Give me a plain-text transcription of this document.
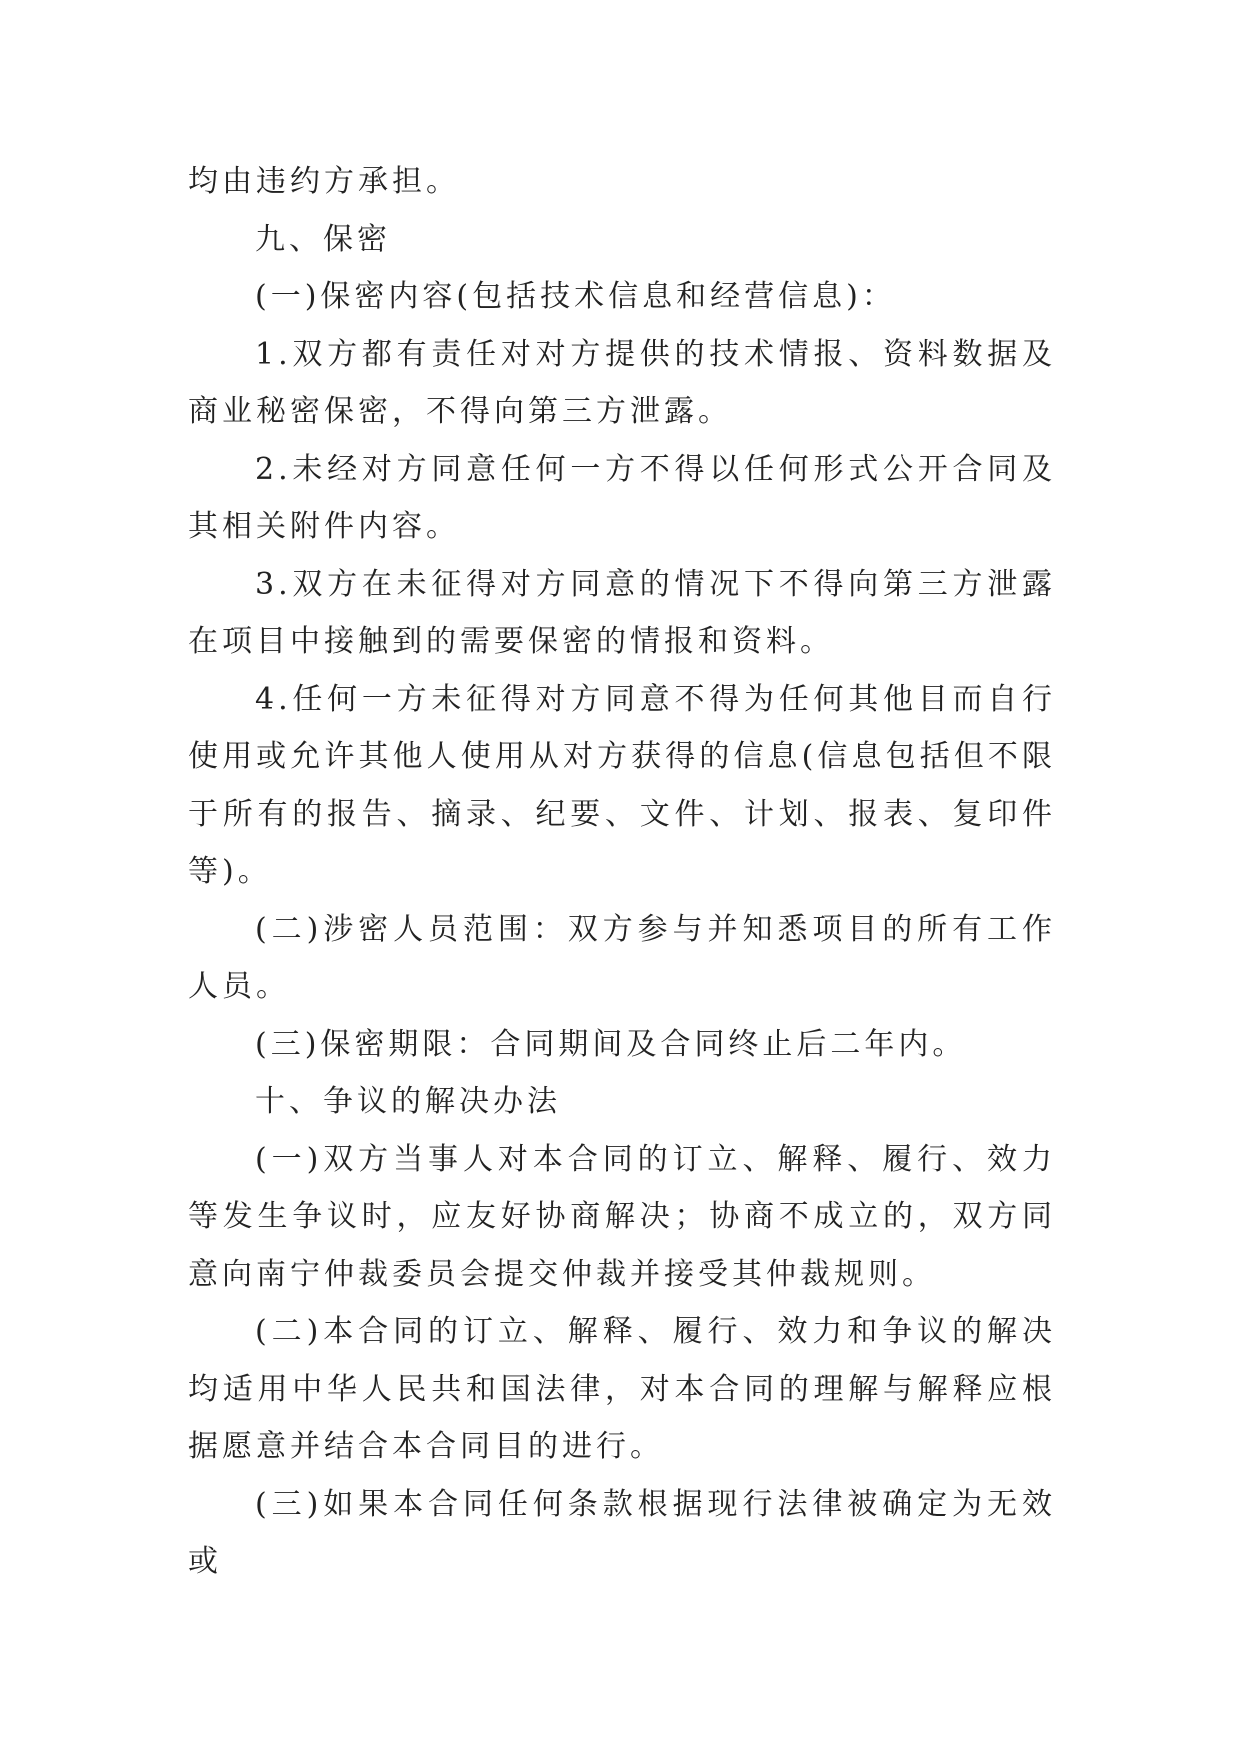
均由违约方承担。

九、保密

(一)保密内容(包括技术信息和经营信息)：

1.双方都有责任对对方提供的技术情报、资料数据及商业秘密保密，不得向第三方泄露。

2.未经对方同意任何一方不得以任何形式公开合同及其相关附件内容。

3.双方在未征得对方同意的情况下不得向第三方泄露在项目中接触到的需要保密的情报和资料。

4.任何一方未征得对方同意不得为任何其他目而自行使用或允许其他人使用从对方获得的信息(信息包括但不限于所有的报告、摘录、纪要、文件、计划、报表、复印件等)。

(二)涉密人员范围：双方参与并知悉项目的所有工作人员。

(三)保密期限：合同期间及合同终止后二年内。

十、争议的解决办法

(一)双方当事人对本合同的订立、解释、履行、效力等发生争议时，应友好协商解决；协商不成立的，双方同意向南宁仲裁委员会提交仲裁并接受其仲裁规则。

(二)本合同的订立、解释、履行、效力和争议的解决均适用中华人民共和国法律，对本合同的理解与解释应根据愿意并结合本合同目的进行。

(三)如果本合同任何条款根据现行法律被确定为无效或
